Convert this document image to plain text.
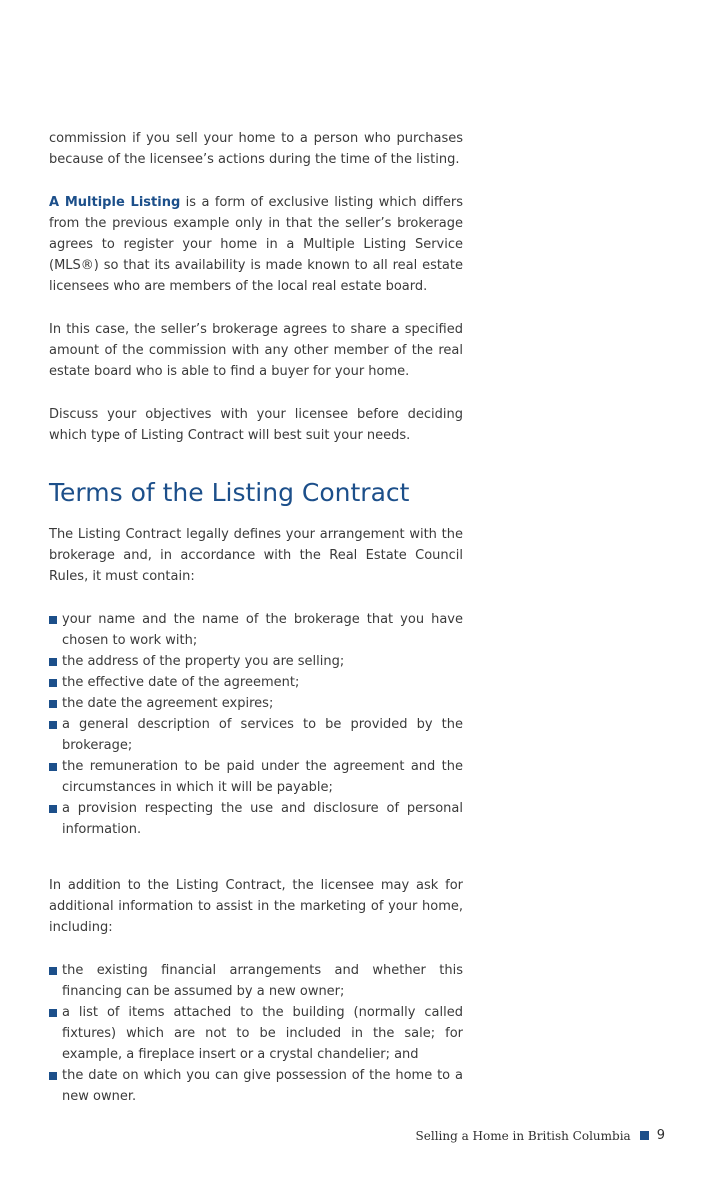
commission if you sell your home to a person who purchases because of the licensee’s actions during the time of the listing.

A Multiple Listing is a form of exclusive listing which differs from the previous example only in that the seller’s brokerage agrees to register your home in a Multiple Listing Service (MLS®) so that its availability is made known to all real estate licensees who are members of the local real estate board.

In this case, the seller’s brokerage agrees to share a specified amount of the commission with any other member of the real estate board who is able to find a buyer for your home.

Discuss your objectives with your licensee before deciding which type of Listing Contract will best suit your needs.

Terms of the Listing Contract

The Listing Contract legally defines your arrangement with the brokerage and, in accordance with the Real Estate Council Rules, it must contain:

your name and the name of the brokerage that you have chosen to work with;
the address of the property you are selling;
the effective date of the agreement;
the date the agreement expires;
a general description of services to be provided by the brokerage;
the remuneration to be paid under the agreement and the circumstances in which it will be payable;
a provision respecting the use and disclosure of personal information.

In addition to the Listing Contract, the licensee may ask for additional information to assist in the marketing of your home, including:

the existing financial arrangements and whether this financing can be assumed by a new owner;
a list of items attached to the building (normally called fixtures) which are not to be included in the sale; for example, a fireplace insert or a crystal chandelier; and
the date on which you can give possession of the home to a new owner.
Selling a Home in British Columbia 9
